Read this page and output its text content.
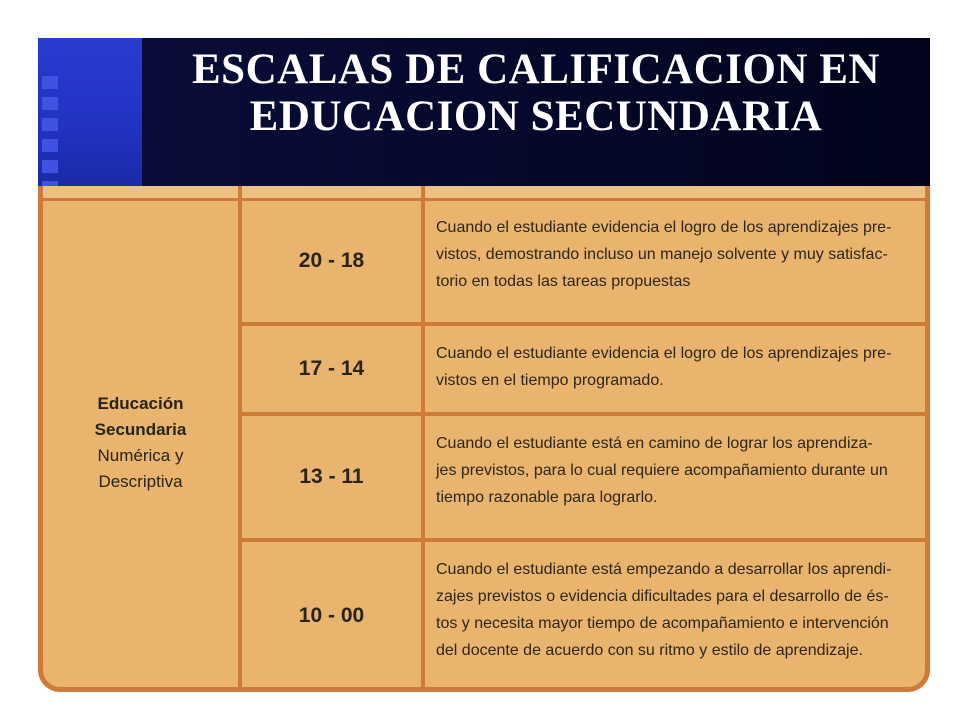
ESCALAS DE CALIFICACION EN
EDUCACION SECUNDARIA
Educación
Secundaria
Numérica y
Descriptiva
20 - 18
Cuando el estudiante evidencia el logro de los aprendizajes pre-
vistos, demostrando incluso un manejo solvente y muy satisfac-
torio en todas las tareas propuestas
17 - 14
Cuando el estudiante evidencia el logro de los aprendizajes pre-
vistos en el tiempo programado.
13 - 11
Cuando el estudiante está en camino de lograr los aprendiza-
jes previstos, para lo cual requiere acompañamiento durante un
tiempo razonable para lograrlo.
10 - 00
Cuando el estudiante está empezando a desarrollar los aprendi-
zajes previstos o evidencia dificultades para el desarrollo de és-
tos y necesita mayor tiempo de acompañamiento e intervención
del docente de acuerdo con su ritmo y estilo de aprendizaje.
